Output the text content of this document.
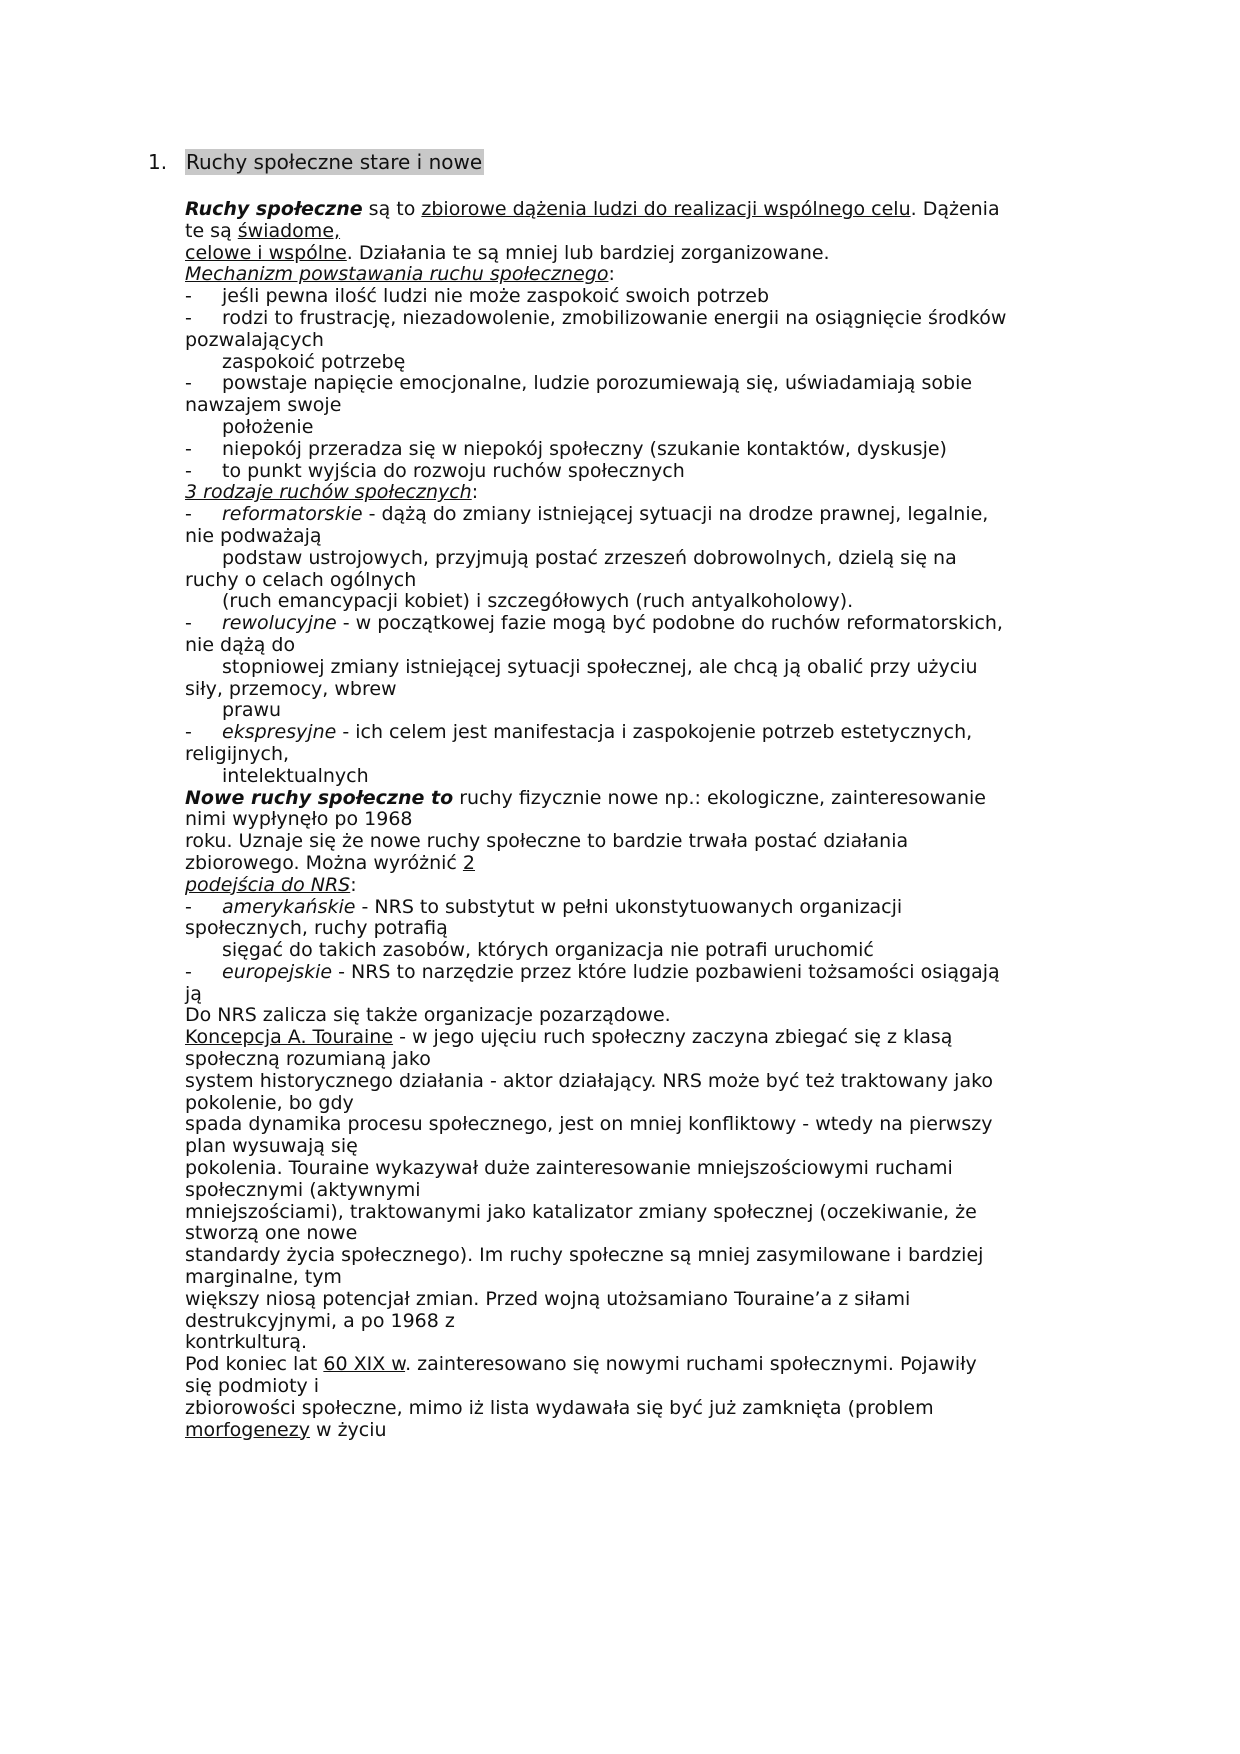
1. Ruchy społeczne stare i nowe
Ruchy społeczne są to zbiorowe dążenia ludzi do realizacji wspólnego celu. Dążenia
te są świadome,
celowe i wspólne. Działania te są mniej lub bardziej zorganizowane.
Mechanizm powstawania ruchu społecznego:
- jeśli pewna ilość ludzi nie może zaspokoić swoich potrzeb
- rodzi to frustrację, niezadowolenie, zmobilizowanie energii na osiągnięcie środków
pozwalających
zaspokoić potrzebę
- powstaje napięcie emocjonalne, ludzie porozumiewają się, uświadamiają sobie
nawzajem swoje
położenie
- niepokój przeradza się w niepokój społeczny (szukanie kontaktów, dyskusje)
- to punkt wyjścia do rozwoju ruchów społecznych
3 rodzaje ruchów społecznych:
- reformatorskie - dążą do zmiany istniejącej sytuacji na drodze prawnej, legalnie,
nie podważają
podstaw ustrojowych, przyjmują postać zrzeszeń dobrowolnych, dzielą się na
ruchy o celach ogólnych
(ruch emancypacji kobiet) i szczegółowych (ruch antyalkoholowy).
- rewolucyjne - w początkowej fazie mogą być podobne do ruchów reformatorskich,
nie dążą do
stopniowej zmiany istniejącej sytuacji społecznej, ale chcą ją obalić przy użyciu
siły, przemocy, wbrew
prawu
- ekspresyjne - ich celem jest manifestacja i zaspokojenie potrzeb estetycznych,
religijnych,
intelektualnych
Nowe ruchy społeczne to ruchy fizycznie nowe np.: ekologiczne, zainteresowanie
nimi wypłynęło po 1968
roku. Uznaje się że nowe ruchy społeczne to bardzie trwała postać działania
zbiorowego. Można wyróżnić 2
podejścia do NRS:
- amerykańskie - NRS to substytut w pełni ukonstytuowanych organizacji
społecznych, ruchy potrafią
sięgać do takich zasobów, których organizacja nie potrafi uruchomić
- europejskie - NRS to narzędzie przez które ludzie pozbawieni tożsamości osiągają
ją
Do NRS zalicza się także organizacje pozarządowe.
Koncepcja A. Touraine - w jego ujęciu ruch społeczny zaczyna zbiegać się z klasą
społeczną rozumianą jako
system historycznego działania - aktor działający. NRS może być też traktowany jako
pokolenie, bo gdy
spada dynamika procesu społecznego, jest on mniej konfliktowy - wtedy na pierwszy
plan wysuwają się
pokolenia. Touraine wykazywał duże zainteresowanie mniejszościowymi ruchami
społecznymi (aktywnymi
mniejszościami), traktowanymi jako katalizator zmiany społecznej (oczekiwanie, że
stworzą one nowe
standardy życia społecznego). Im ruchy społeczne są mniej zasymilowane i bardziej
marginalne, tym
większy niosą potencjał zmian. Przed wojną utożsamiano Touraine’a z siłami
destrukcyjnymi, a po 1968 z
kontrkulturą.
Pod koniec lat 60 XIX w. zainteresowano się nowymi ruchami społecznymi. Pojawiły
się podmioty i
zbiorowości społeczne, mimo iż lista wydawała się być już zamknięta (problem
morfogenezy w życiu
